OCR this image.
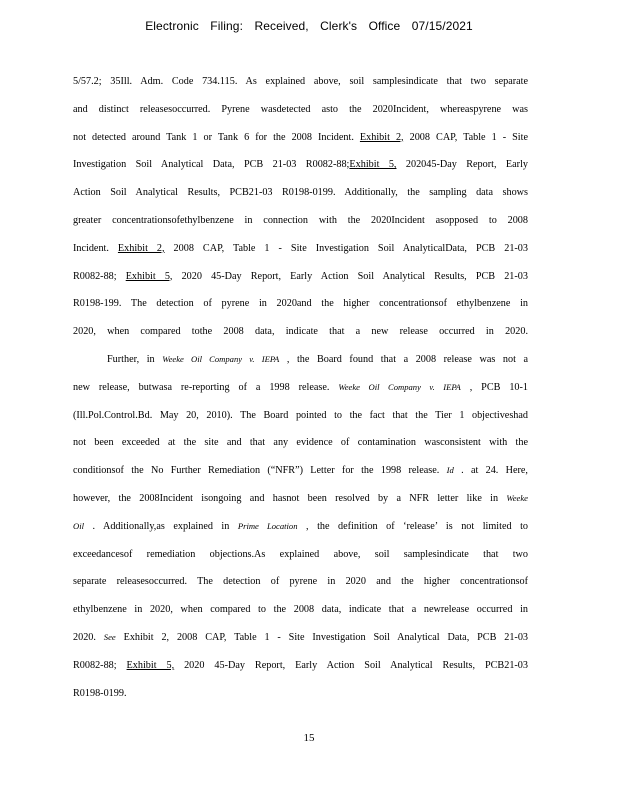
Electronic Filing: Received, Clerk's Office 07/15/2021
5/57.2; 35Ill. Adm. Code 734.115. As explained above, soil samplesindicate that two separate
and distinct releasesoccurred. Pyrene wasdetected asto the 2020Incident, whereaspyrene was
not detected around Tank 1 or Tank 6 for the 2008 Incident. Exhibit 2, 2008 CAP, Table 1 - Site
Investigation Soil Analytical Data, PCB 21-03 R0082-88;Exhibit 5, 202045-Day Report, Early
Action Soil Analytical Results, PCB21-03 R0198-0199. Additionally, the sampling data shows
greater concentrationsofethylbenzene in connection with the 2020Incident asopposed to 2008
Incident. Exhibit 2, 2008 CAP, Table 1 - Site Investigation Soil AnalyticalData, PCB 21-03
R0082-88; Exhibit 5, 2020 45-Day Report, Early Action Soil Analytical Results, PCB 21-03
R0198-199. The detection of pyrene in 2020and the higher concentrationsof ethylbenzene in
2020, when compared tothe 2008 data, indicate that a new release occurred in 2020.
Further, in Weeke Oil Company v. IEPA , the Board found that a 2008 release was not a
new release, butwasa re-reporting of a 1998 release. Weeke Oil Company v. IEPA , PCB 10-1
(Ill.Pol.Control.Bd. May 20, 2010). The Board pointed to the fact that the Tier 1 objectiveshad
not been exceeded at the site and that any evidence of contamination wasconsistent with the
conditionsof the No Further Remediation (“NFR”) Letter for the 1998 release. Id . at 24. Here,
however, the 2008Incident isongoing and hasnot been resolved by a NFR letter like in Weeke
Oil . Additionally,as explained in Prime Location , the definition of ‘release’ is not limited to
exceedancesof remediation objections.As explained above, soil samplesindicate that two
separate releasesoccurred. The detection of pyrene in 2020 and the higher concentrationsof
ethylbenzene in 2020, when compared to the 2008 data, indicate that a newrelease occurred in
2020. See Exhibit 2, 2008 CAP, Table 1 - Site Investigation Soil Analytical Data, PCB 21-03
R0082-88; Exhibit 5, 2020 45-Day Report, Early Action Soil Analytical Results, PCB21-03
R0198-0199.
15
